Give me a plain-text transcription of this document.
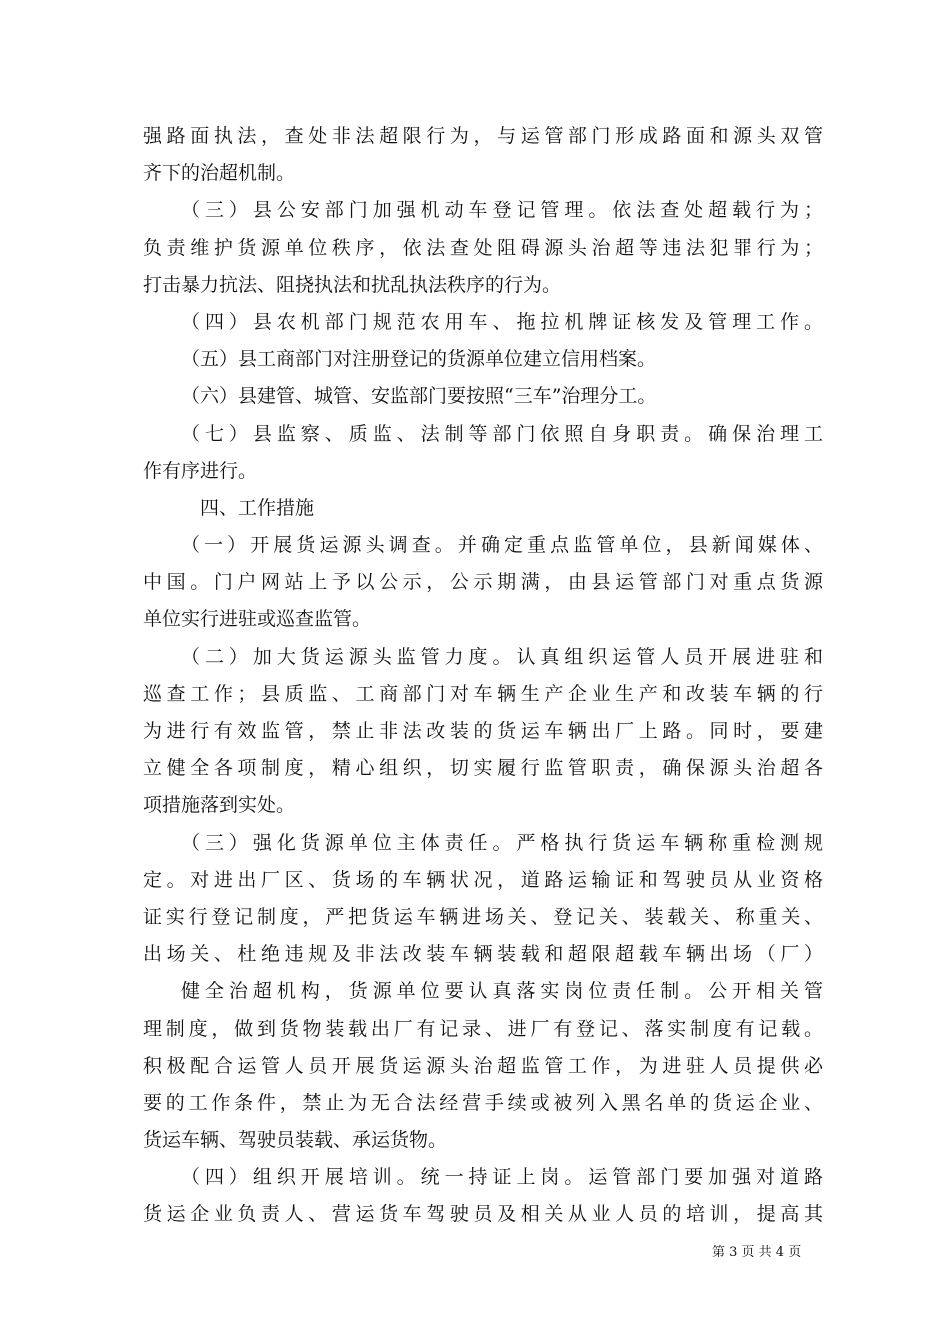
强路面执法，查处非法超限行为，与运管部门形成路面和源头双管
齐下的治超机制。
（三）县公安部门加强机动车登记管理。依法查处超载行为；
负责维护货源单位秩序，依法查处阻碍源头治超等违法犯罪行为；
打击暴力抗法、阻挠执法和扰乱执法秩序的行为。
（四）县农机部门规范农用车、拖拉机牌证核发及管理工作。
（五）县工商部门对注册登记的货源单位建立信用档案。
（六）县建管、城管、安监部门要按照“三车”治理分工。
（七）县监察、质监、法制等部门依照自身职责。确保治理工
作有序进行。
四、工作措施
（一）开展货运源头调查。并确定重点监管单位，县新闻媒体、
中国。门户网站上予以公示，公示期满，由县运管部门对重点货源
单位实行进驻或巡查监管。
（二）加大货运源头监管力度。认真组织运管人员开展进驻和
巡查工作；县质监、工商部门对车辆生产企业生产和改装车辆的行
为进行有效监管，禁止非法改装的货运车辆出厂上路。同时，要建
立健全各项制度，精心组织，切实履行监管职责，确保源头治超各
项措施落到实处。
（三）强化货源单位主体责任。严格执行货运车辆称重检测规
定。对进出厂区、货场的车辆状况，道路运输证和驾驶员从业资格
证实行登记制度，严把货运车辆进场关、登记关、装载关、称重关、
出场关、杜绝违规及非法改装车辆装载和超限超载车辆出场（厂）
健全治超机构，货源单位要认真落实岗位责任制。公开相关管
理制度，做到货物装载出厂有记录、进厂有登记、落实制度有记载。
积极配合运管人员开展货运源头治超监管工作，为进驻人员提供必
要的工作条件，禁止为无合法经营手续或被列入黑名单的货运企业、
货运车辆、驾驶员装载、承运货物。
（四）组织开展培训。统一持证上岗。运管部门要加强对道路
货运企业负责人、营运货车驾驶员及相关从业人员的培训，提高其
第 3 页 共 4 页
